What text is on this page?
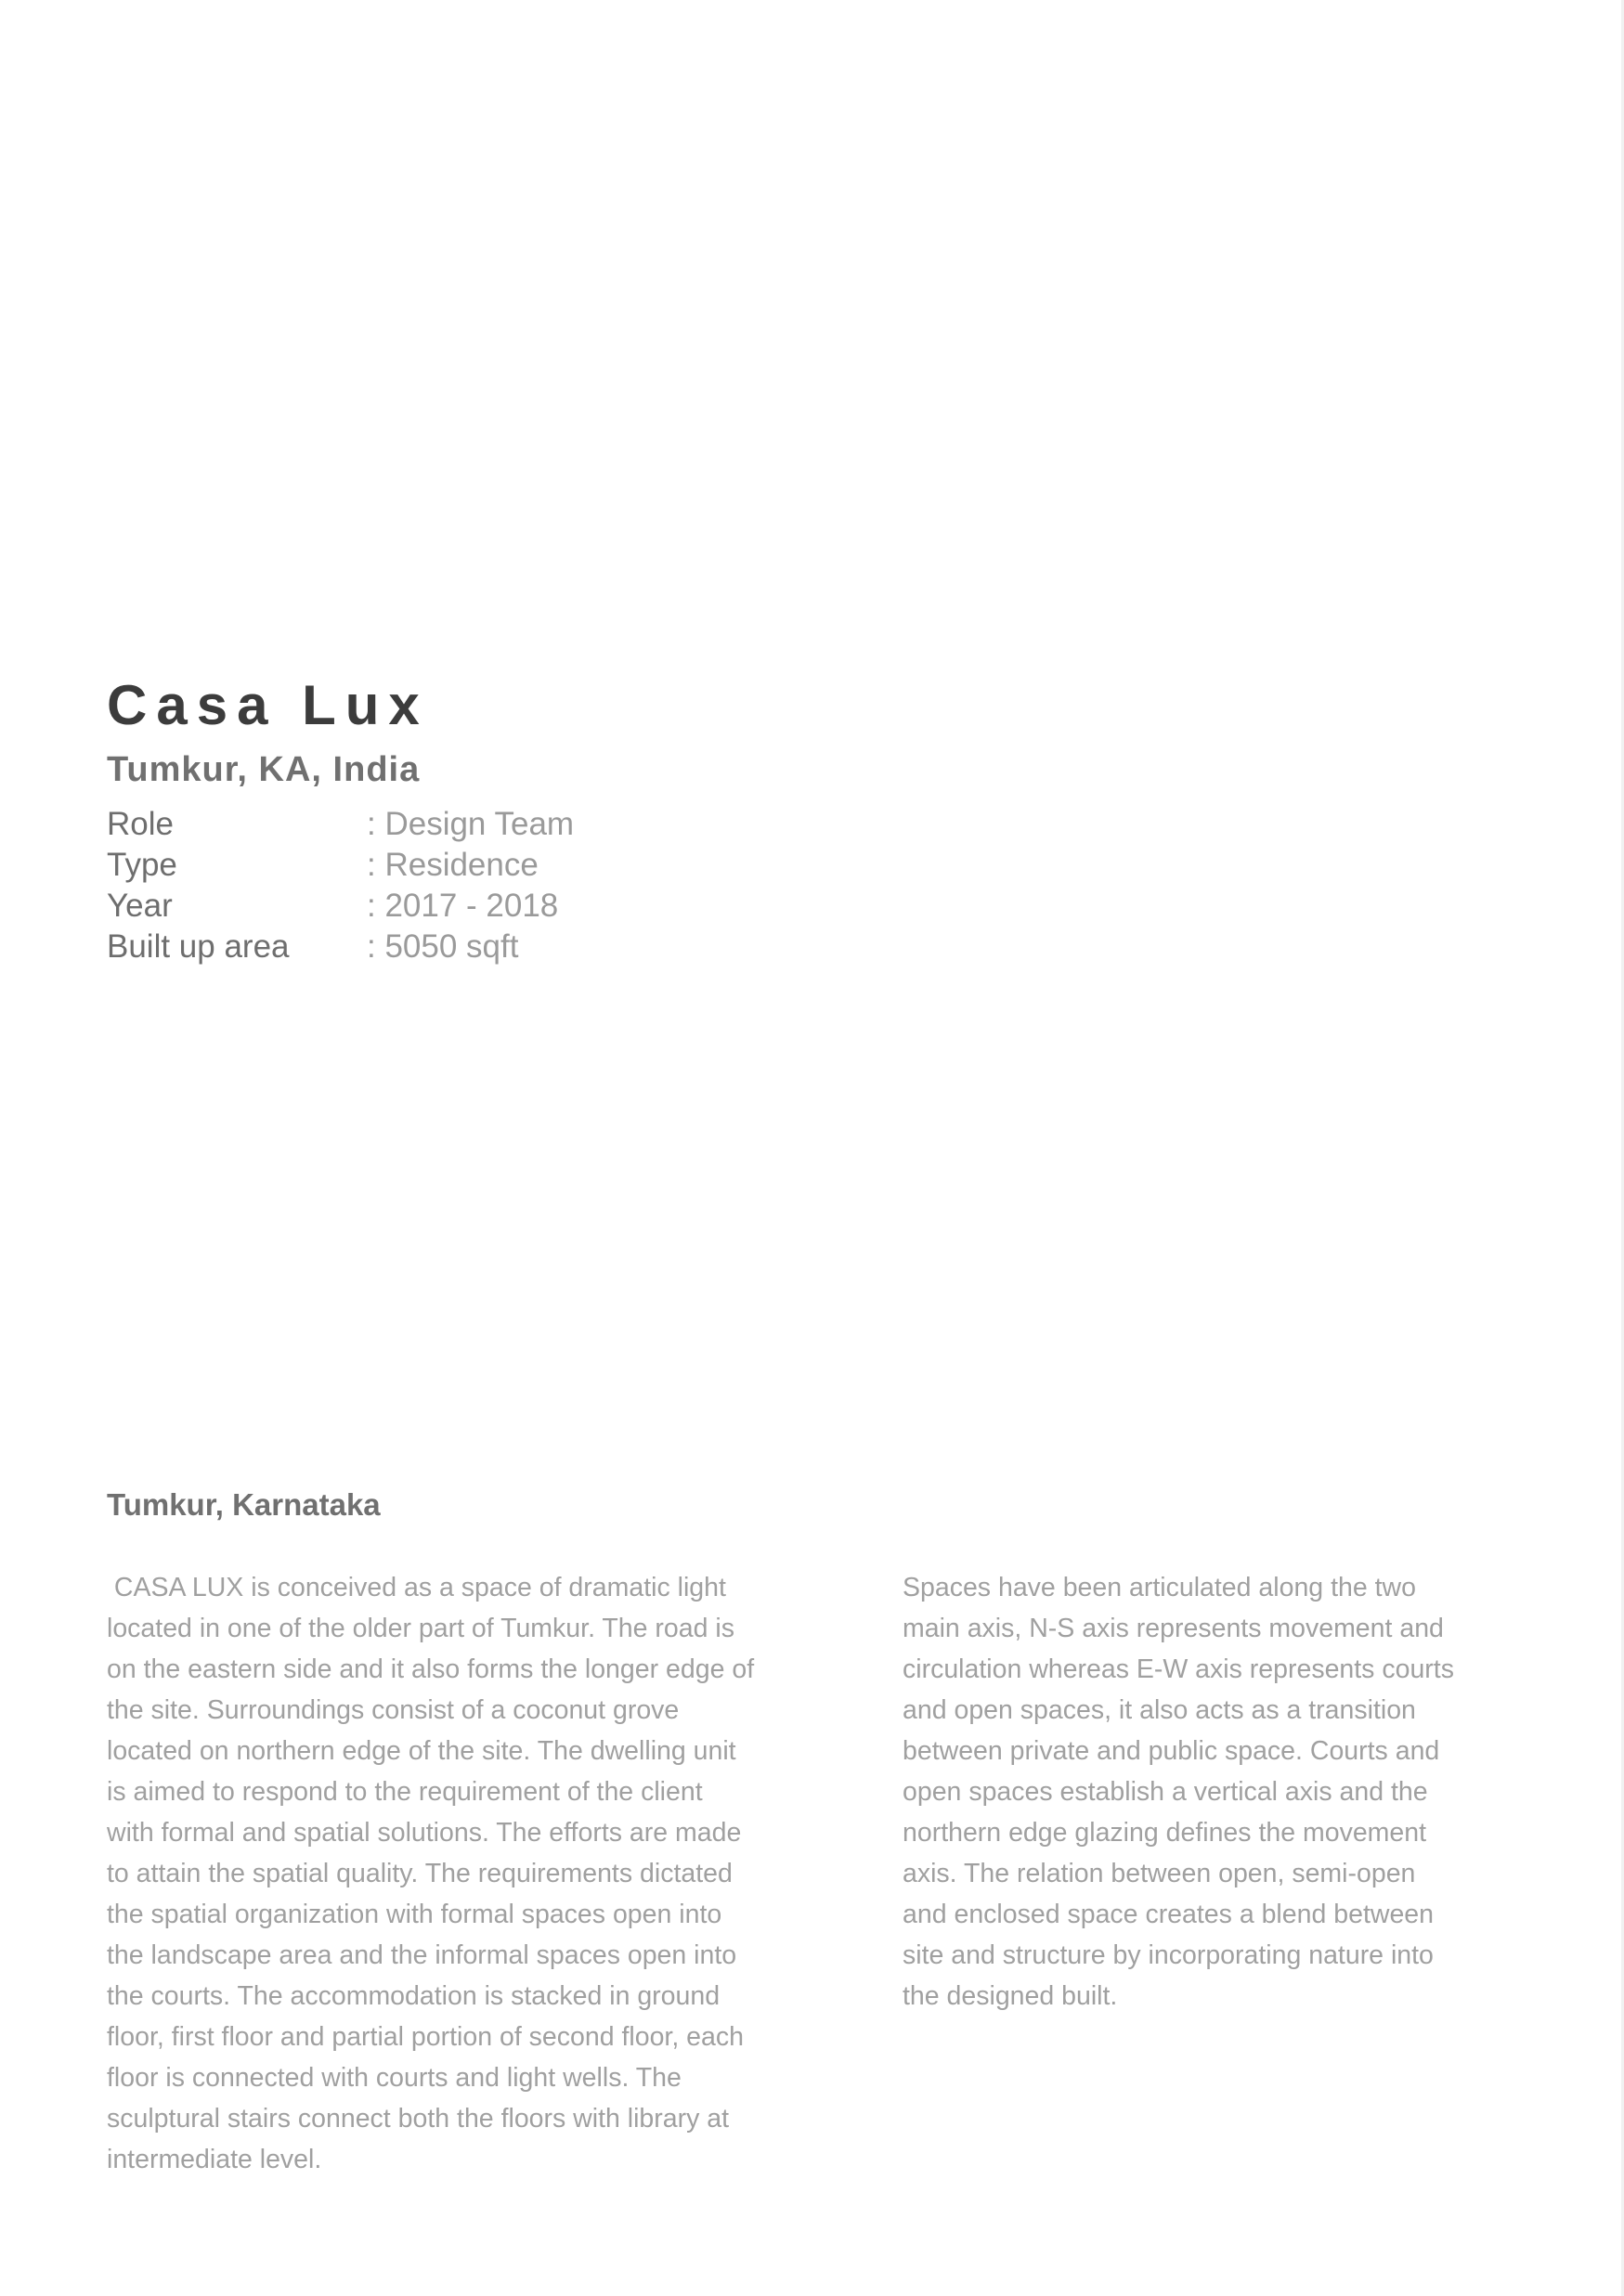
Casa Lux
Tumkur, KA, India
Role	: Design Team
Type	: Residence
Year	: 2017 - 2018
Built up area	: 5050 sqft
Tumkur, Karnataka

CASA LUX is conceived as a space of dramatic light

located in one of the older part of Tumkur. The road is

on the eastern side and it also forms the longer edge of

the site. Surroundings consist of a coconut grove

located on northern edge of the site. The dwelling unit

is aimed to respond to the requirement of the client

with formal and spatial solutions. The efforts are made

to attain the spatial quality. The requirements dictated

the spatial organization with formal spaces open into

the landscape area and the informal spaces open into

the courts. The accommodation is stacked in ground

floor, first floor and partial portion of second floor, each

floor is connected with courts and light wells. The

sculptural stairs connect both the floors with library at

intermediate level.

Spaces have been articulated along the two

main axis, N-S axis represents movement and

circulation whereas E-W axis represents courts

and open spaces, it also acts as a transition

between private and public space. Courts and

open spaces establish a vertical axis and the

northern edge glazing defines the movement

axis. The relation between open, semi-open

and enclosed space creates a blend between

site and structure by incorporating nature into

the designed built.
